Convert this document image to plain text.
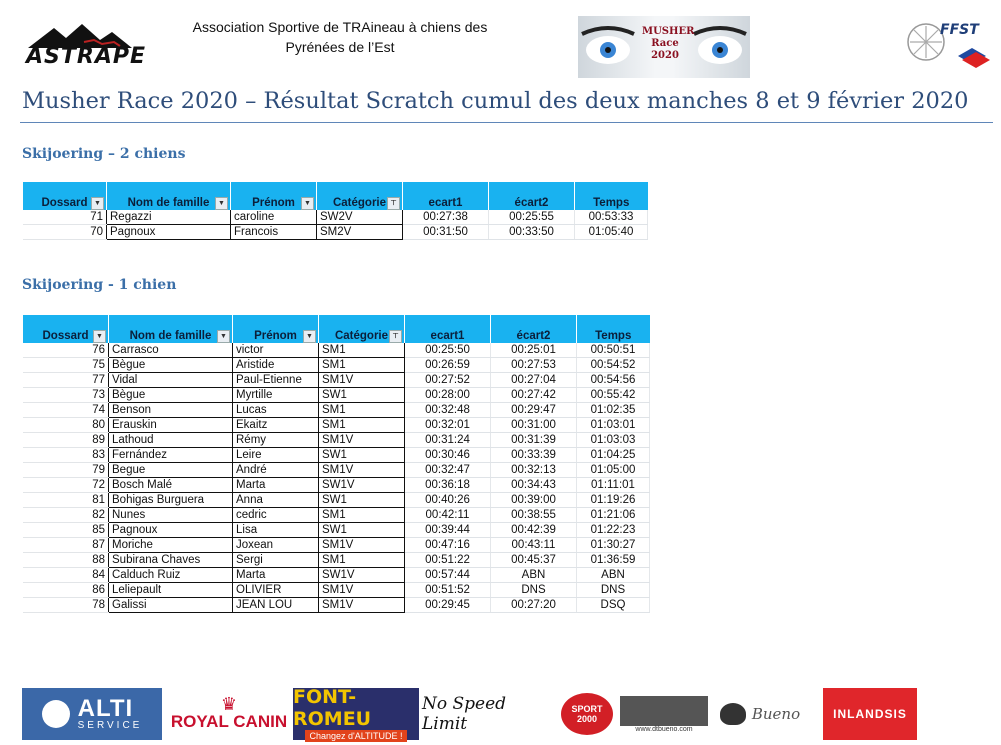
ASTRAPE
Association Sportive de TRAineau à chiens des
Pyrénées de l’Est
MUSHER Race 2020
FFST
Musher Race 2020 – Résultat Scratch cumul des deux manches 8 et 9 février 2020
Skijoering – 2 chiens

Dossard ▼	Nom de famille ▼	Prénom ▼	Catégorie ⊤	ecart1	écart2	Temps
71	Regazzi	caroline	SW2V	00:27:38	00:25:55	00:53:33
70	Pagnoux	Francois	SM2V	00:31:50	00:33:50	01:05:40
Skijoering - 1 chien

Dossard ▼	Nom de famille ▼	Prénom ▼	Catégorie ⊤	ecart1	écart2	Temps
76	Carrasco	victor	SM1	00:25:50	00:25:01	00:50:51
75	Bègue	Aristide	SM1	00:26:59	00:27:53	00:54:52
77	Vidal	Paul-Etienne	SM1V	00:27:52	00:27:04	00:54:56
73	Bègue	Myrtille	SW1	00:28:00	00:27:42	00:55:42
74	Benson	Lucas	SM1	00:32:48	00:29:47	01:02:35
80	Erauskin	Ekaitz	SM1	00:32:01	00:31:00	01:03:01
89	Lathoud	Rémy	SM1V	00:31:24	00:31:39	01:03:03
83	Fernández	Leire	SW1	00:30:46	00:33:39	01:04:25
79	Begue	André	SM1V	00:32:47	00:32:13	01:05:00
72	Bosch Malé	Marta	SW1V	00:36:18	00:34:43	01:11:01
81	Bohigas Burguera	Anna	SW1	00:40:26	00:39:00	01:19:26
82	Nunes	cedric	SM1	00:42:11	00:38:55	01:21:06
85	Pagnoux	Lisa	SW1	00:39:44	00:42:39	01:22:23
87	Moriche	Joxean	SM1V	00:47:16	00:43:11	01:30:27
88	Subirana Chaves	Sergi	SM1	00:51:22	00:45:37	01:36:59
84	Calduch Ruiz	Marta	SW1V	00:57:44	ABN	ABN
86	Leliepault	OLIVIER	SM1V	00:51:52	DNS	DNS
78	Galissi	JEAN LOU	SM1V	00:29:45	00:27:20	DSQ
ALTI
SERVICE
♛
ROYAL CANIN
FONT-ROMEU
Changez d'ALTITUDE !
No Speed Limit
SPORT 2000
www.dtbueno.com
Bueno	INLANDSIS
